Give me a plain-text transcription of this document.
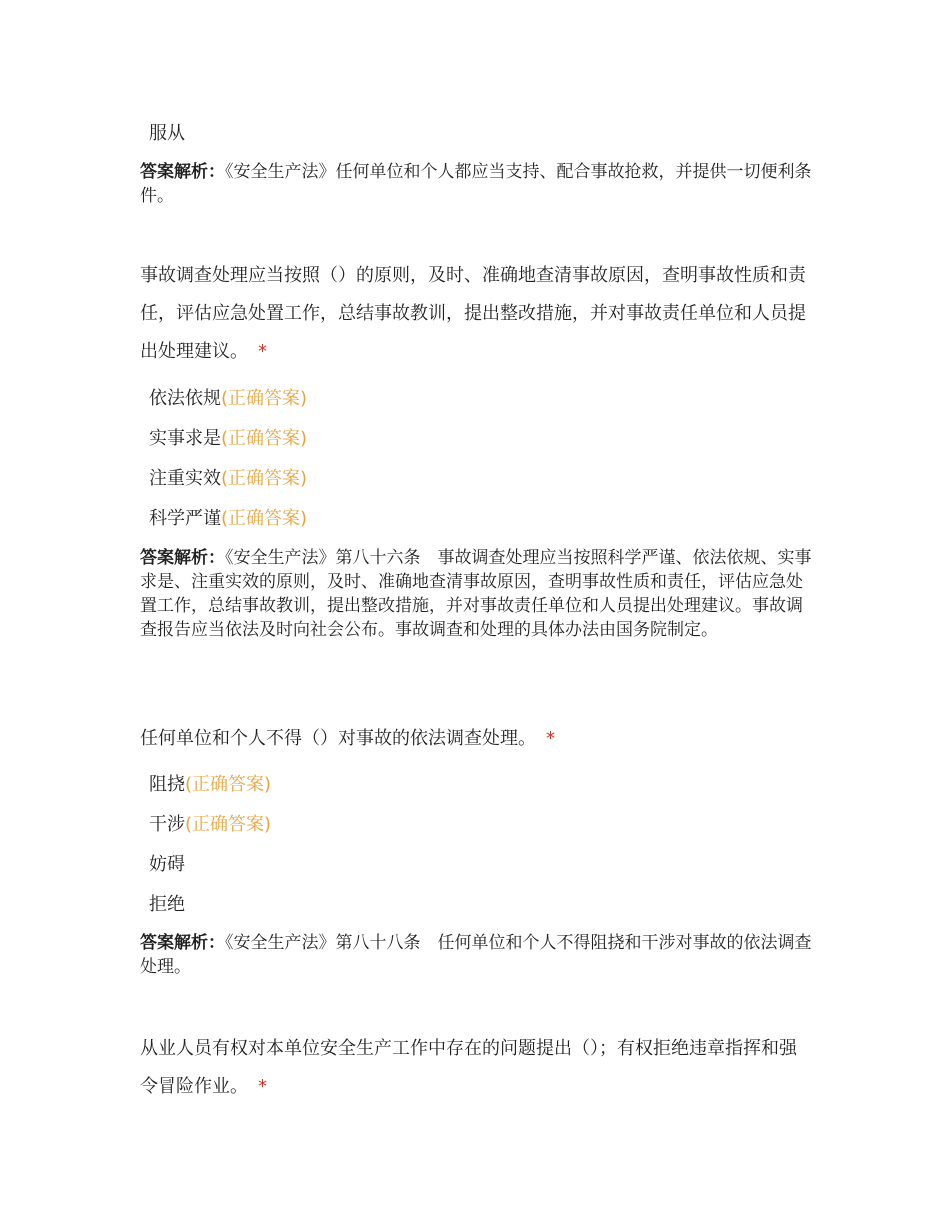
服从
答案解析：《安全生产法》任何单位和个人都应当支持、配合事故抢救，并提供一切便利条件。
事故调查处理应当按照（）的原则，及时、准确地查清事故原因，查明事故性质和责任，评估应急处置工作，总结事故教训，提出整改措施，并对事故责任单位和人员提出处理建议。 *
依法依规(正确答案)
实事求是(正确答案)
注重实效(正确答案)
科学严谨(正确答案)
答案解析：《安全生产法》第八十六条　事故调查处理应当按照科学严谨、依法依规、实事求是、注重实效的原则，及时、准确地查清事故原因，查明事故性质和责任，评估应急处置工作，总结事故教训，提出整改措施，并对事故责任单位和人员提出处理建议。事故调查报告应当依法及时向社会公布。事故调查和处理的具体办法由国务院制定。
任何单位和个人不得（）对事故的依法调查处理。 *
阻挠(正确答案)
干涉(正确答案)
妨碍
拒绝
答案解析：《安全生产法》第八十八条　任何单位和个人不得阻挠和干涉对事故的依法调查处理。
从业人员有权对本单位安全生产工作中存在的问题提出（）；有权拒绝违章指挥和强令冒险作业。 *
